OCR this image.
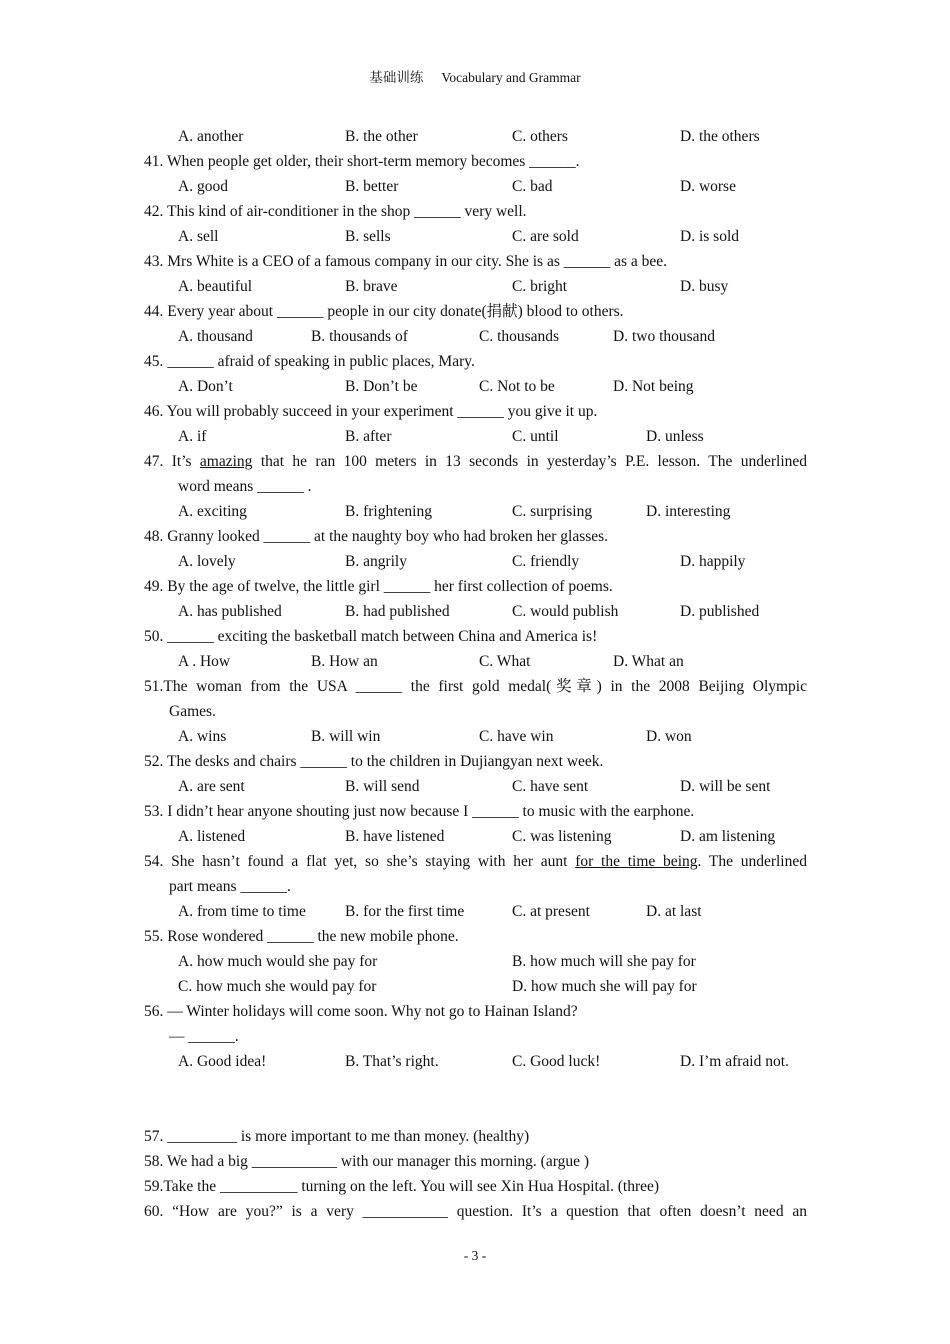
基础训练 Vocabulary and Grammar
A. another	B. the other	C. others	D. the others
41. When people get older, their short-term memory becomes ______.
A. good	B. better	C. bad	D. worse
42. This kind of air-conditioner in the shop ______ very well.
A. sell	B. sells	C. are sold	D. is sold
43. Mrs White is a CEO of a famous company in our city. She is as ______ as a bee.
A. beautiful	B. brave	C. bright	D. busy
44. Every year about ______ people in our city donate(捐献) blood to others.
A. thousand	B. thousands of	C. thousands	D. two thousand
45. ______ afraid of speaking in public places, Mary.
A. Don’t	B. Don’t be	C. Not to be	D. Not being
46. You will probably succeed in your experiment ______ you give it up.
A. if	B. after	C. until	D. unless
47. It’s amazing that he ran 100 meters in 13 seconds in yesterday’s P.E. lesson. The underlined
word means ______ .
A. exciting	B. frightening	C. surprising	D. interesting
48. Granny looked ______ at the naughty boy who had broken her glasses.
A. lovely	B. angrily	C. friendly	D. happily
49. By the age of twelve, the little girl ______ her first collection of poems.
A. has published	B. had published	C. would publish	D. published
50. ______ exciting the basketball match between China and America is!
A . How	B. How an	C. What	D. What an
51.The woman from the USA ______ the first gold medal(奖章) in the 2008 Beijing Olympic
Games.
A. wins	B. will win	C. have win	D. won
52. The desks and chairs ______ to the children in Dujiangyan next week.
A. are sent	B. will send	C. have sent	D. will be sent
53. I didn’t hear anyone shouting just now because I ______ to music with the earphone.
A. listened	B. have listened	C. was listening	D. am listening
54. She hasn’t found a flat yet, so she’s staying with her aunt for the time being. The underlined
part means ______.
A. from time to time	B. for the first time	C. at present	D. at last
55. Rose wondered ______ the new mobile phone.
A. how much would she pay for	B. how much will she pay for
C. how much she would pay for	D. how much she will pay for
56. — Winter holidays will come soon. Why not go to Hainan Island?
— ______.
A. Good idea!	B. That’s right.	C. Good luck!	D. I’m afraid not.
57. _________ is more important to me than money. (healthy)
58. We had a big ___________ with our manager this morning. (argue )
59.Take the __________ turning on the left. You will see Xin Hua Hospital. (three)
60. “How are you?” is a very ___________ question. It’s a question that often doesn’t need an
- 3 -
